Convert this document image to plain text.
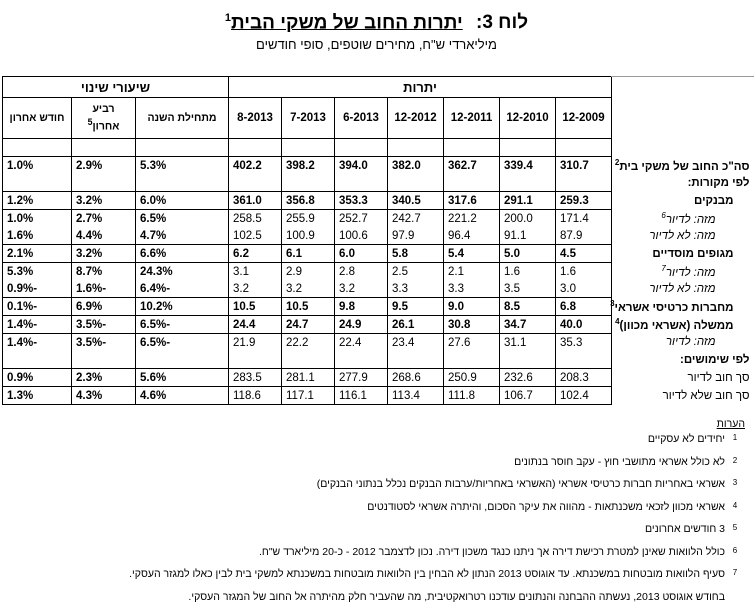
לוח 3: יתרות החוב של משקי הבית$^1$
מיליארדי ש"ח, מחירים שוטפים, סופי חודשים

	יתרות							שיעורי שינוי		
	12-2009	12-2010	12-2011	12-2012	6-2013	7-2013	8-2013	מתחילת השנה	רביע אחרון$^5$	חודש אחרון

סה"כ החוב של משקי בית$^2$	310.7	339.4	362.7	382.0	394.0	398.2	402.2	5.3%	2.9%	1.0%
לפי מקורות:										
מבנקים	259.3	291.1	317.6	340.5	353.3	356.8	361.0	6.0%	3.2%	1.2%
מזה: לדיור$^6$	171.4	200.0	221.2	242.7	252.7	255.9	258.5	6.5%	2.7%	1.0%
מזה: לא לדיור	87.9	91.1	96.4	97.9	100.6	100.9	102.5	4.7%	4.4%	1.6%
מגופים מוסדיים	4.5	5.0	5.4	5.8	6.0	6.1	6.2	6.6%	3.2%	2.1%
מזה: לדיור$^7$	1.6	1.6	2.1	2.5	2.8	2.9	3.1	24.3%	8.7%	5.3%
מזה: לא לדיור	3.0	3.5	3.3	3.3	3.2	3.2	3.2	-6.4%	-1.6%	-0.9%
מחברות כרטיסי אשראי$^3$	6.8	8.5	9.0	9.5	9.8	10.5	10.5	10.2%	6.9%	-0.1%
ממשלה (אשראי מכוון)$^4$	40.0	34.7	30.8	26.1	24.9	24.7	24.4	-6.5%	-3.5%	-1.4%
מזה: לדיור	35.3	31.1	27.6	23.4	22.4	22.2	21.9	-6.5%	-3.5%	-1.4%
לפי שימושים:										
סך חוב לדיור	208.3	232.6	250.9	268.6	277.9	281.1	283.5	5.6%	2.3%	0.9%
סך חוב שלא לדיור	102.4	106.7	111.8	113.4	116.1	117.1	118.6	4.6%	4.3%	1.3%
הערות
1
יחידים לא עסקיים
2
לא כולל אשראי מתושבי חוץ - עקב חוסר בנתונים
3
אשראי באחריות חברות כרטיסי אשראי (האשראי באחריות/ערבות הבנקים נכלל בנתוני הבנקים)
4
אשראי מכוון לזכאי משכנתאות - מהווה את עיקר הסכום, והיתרה אשראי לסטודנטים
5
3 חודשים אחרונים
6
כולל הלוואות שאינן למטרת רכישת דירה אך ניתנו כנגד משכון דירה. נכון לדצמבר 2012 - כ-20 מיליארד ש"ח.
7
סעיף הלוואות מובטחות במשכנתא. עד אוגוסט 2013 הנתון לא הבחין בין הלוואות מובטחות במשכנתא למשקי בית לבין כאלו למגזר העסקי.
בחודש אוגוסט 2013, נעשתה ההבחנה והנתונים עודכנו רטרואקטיבית, מה שהעביר חלק מהיתרה אל החוב של המגזר העסקי.
